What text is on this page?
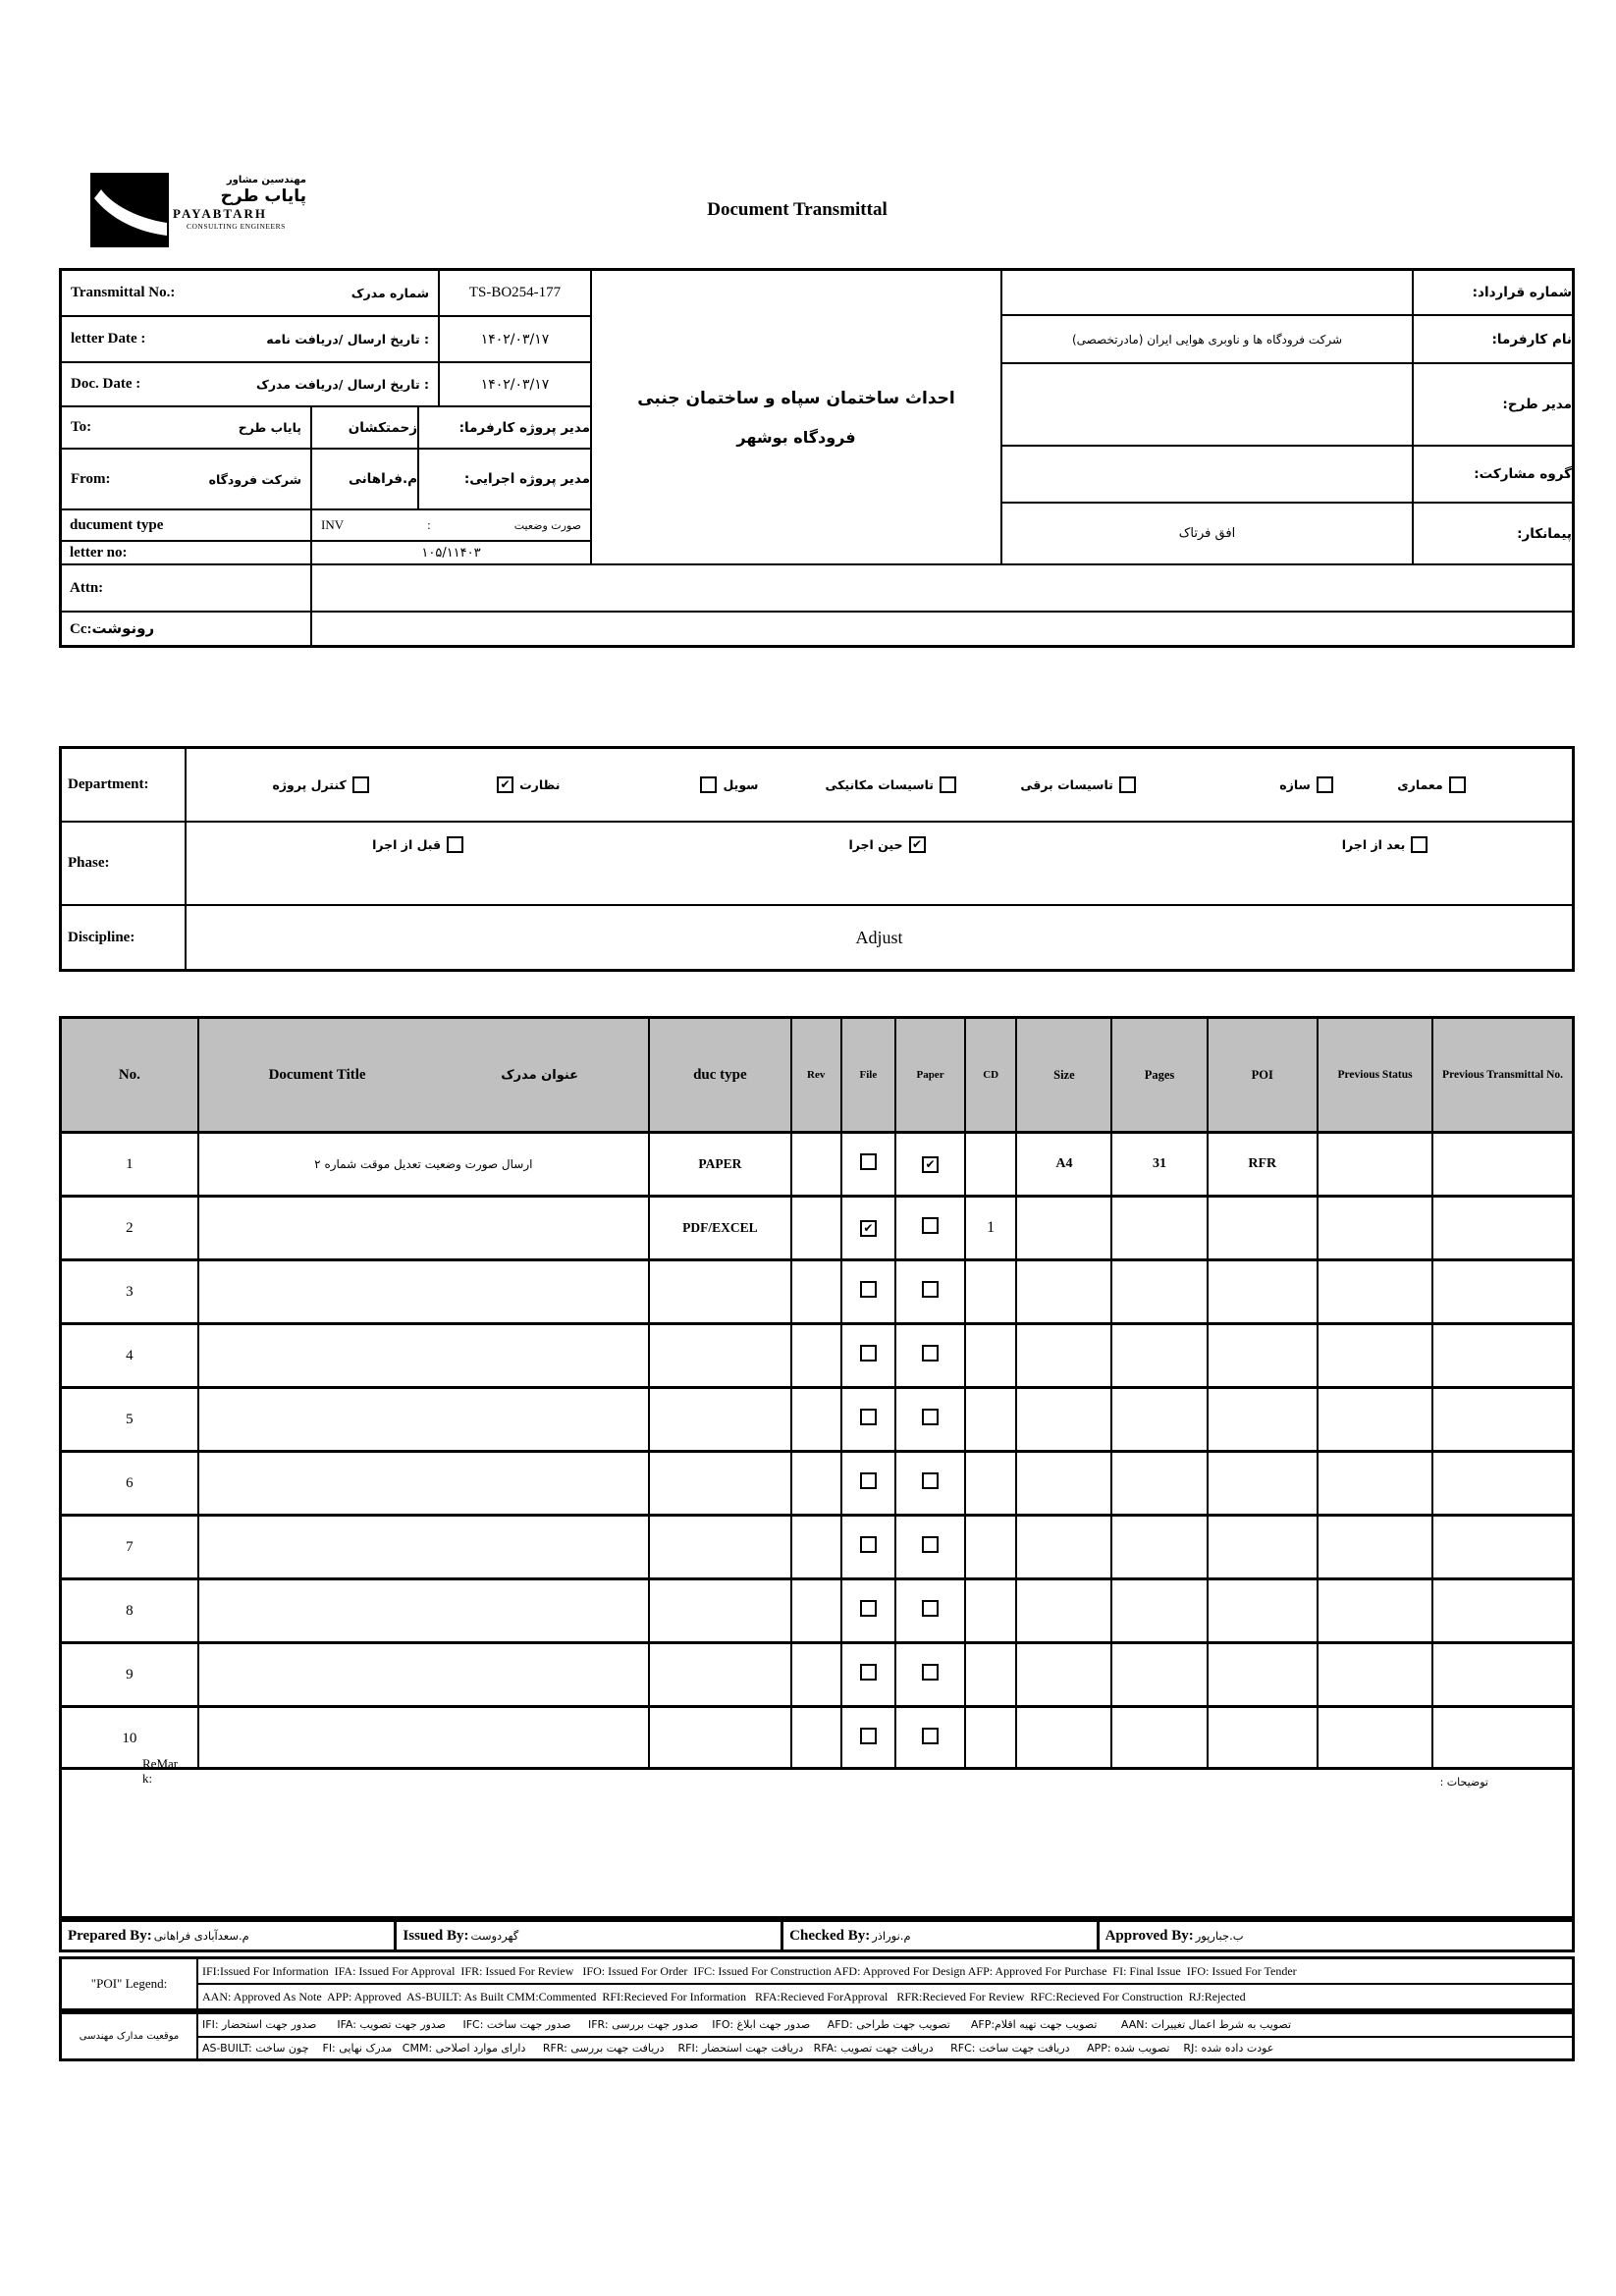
مهندسین مشاور
پایاب طرح
PAYABTARH
CONSULTING ENGINEERS
Document Transmittal
Transmittal No.:	شماره مدرک	TS-BO254-177
letter Date :	تاریخ ارسال /دریافت نامه :	۱۴۰۲/۰۳/۱۷
Doc. Date :	تاریخ ارسال /دریافت مدرک :	۱۴۰۲/۰۳/۱۷
To:	پایاب طرح	زحمتکشان	مدیر پروژه کارفرما:
From:	شرکت فرودگاه	م.فراهانی	مدیر پروژه اجرایی:
ducument type	INV	:	صورت وضعیت
letter no:	۱۰۵/۱۱۴۰۳
Attn:
Cc:رونوشت
احداث ساختمان سپاه و ساختمان جنبی
فرودگاه بوشهر
شماره قرارداد:
شرکت فرودگاه ها و ناوبری هوایی ایران (مادرتخصصی)	نام کارفرما:
مدیر طرح:
گروه مشارکت:
افق فرتاک	پیمانکار:
Department:	کنترل پروژه	✔ نظارت	سویل	تاسیسات مکانیکی	تاسیسات برقی	سازه	معماری
Phase:
قبل از اجرا	حین اجرا ✔	بعد از اجرا
Discipline:	Adjust
No.	Document Title عنوان مدرک	duc type	Rev	File	Paper	CD	Size	Pages	POI	Previous Status	Previous Transmittal No.
1	ارسال صورت وضعیت تعدیل موقت شماره ۲	PAPER			✔		A4	31	RFR		
2		PDF/EXCEL		✔		1					
3											
4											
5											
6											
7											
8											
9											
10											
ReMar
k:	توضیحات :
Prepared By: م.سعدآبادی فراهانی	Issued By: گهردوست	Checked By: م.نوراذر	Approved By: ب.جبارپور
"POI" Legend:
IFI:Issued For Information  IFA: Issued For Approval  IFR: Issued For Review   IFO: Issued For Order  IFC: Issued For Construction AFD: Approved For Design AFP: Approved For Purchase  FI: Final Issue  IFO: Issued For Tender
AAN: Approved As Note  APP: Approved  AS-BUILT: As Built CMM:Commented  RFI:Recieved For Information   RFA:Recieved ForApproval   RFR:Recieved For Review  RFC:Recieved For Construction  RJ:Rejected
موقعیت مدارک مهندسی
IFI: صدور جهت استحضار      IFA: صدور جهت تصویب     IFC: صدور جهت ساخت     IFR: صدور جهت بررسی    IFO: صدور جهت ابلاغ     AFD: تصویب جهت طراحی      AFP:تصویب جهت تهیه اقلام       AAN: تصویب به شرط اعمال تغییرات
AS-BUILT: چون ساخت    FI: مدرک نهایی   CMM: دارای موارد اصلاحی     RFR: دریافت جهت بررسی    RFI: دریافت جهت استحضار   RFA: دریافت جهت تصویب     RFC: دریافت جهت ساخت     APP: تصویب شده    RJ: عودت داده شده
